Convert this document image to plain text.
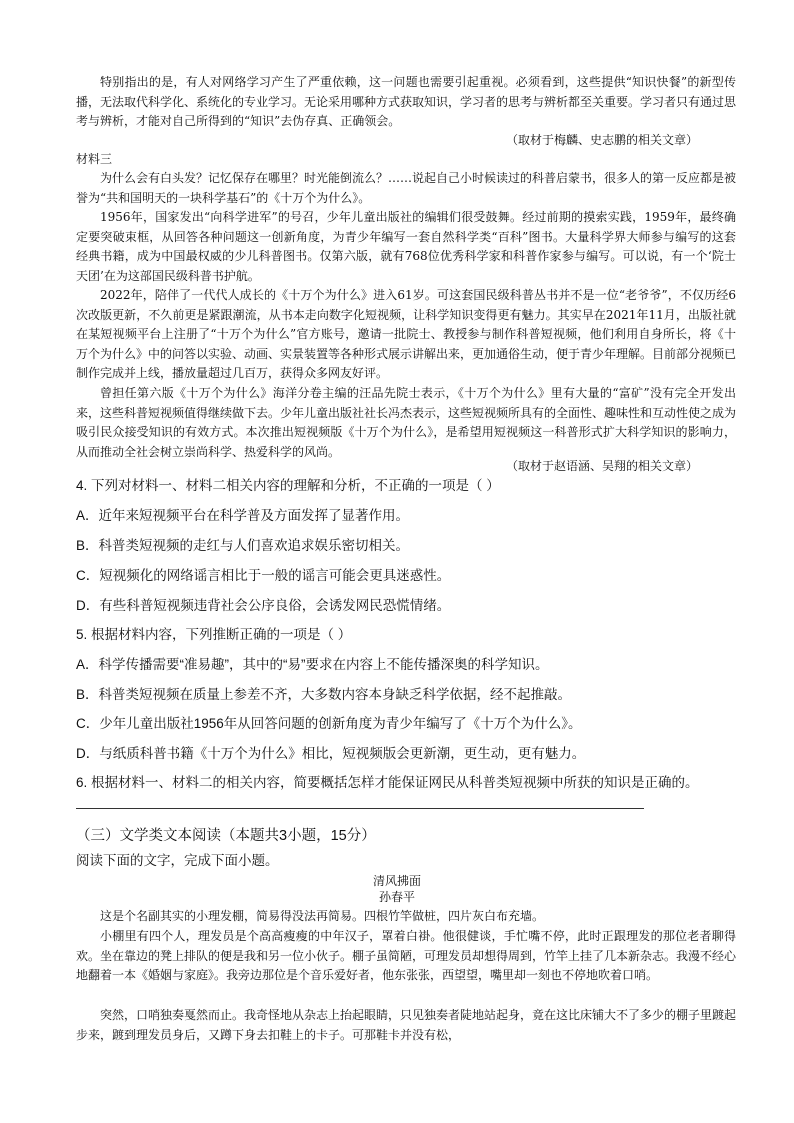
特别指出的是，有人对网络学习产生了严重依赖，这一问题也需要引起重视。必须看到，这些提供“知识快餐”的新型传播，无法取代科学化、系统化的专业学习。无论采用哪种方式获取知识，学习者的思考与辨析都至关重要。学习者只有通过思考与辨析，才能对自己所得到的“知识”去伪存真、正确领会。
（取材于梅麟、史志鹏的相关文章）
材料三
为什么会有白头发？记忆保存在哪里？时光能倒流么？……说起自己小时候读过的科普启蒙书，很多人的第一反应都是被誉为“共和国明天的一块科学基石”的《十万个为什么》。
1956年，国家发出“向科学进军”的号召，少年儿童出版社的编辑们很受鼓舞。经过前期的摸索实践，1959年，最终确定要突破束框，从回答各种问题这一创新角度，为青少年编写一套自然科学类“百科”图书。大量科学界大师参与编写的这套经典书籍，成为中国最权威的少儿科普图书。仅第六版，就有768位优秀科学家和科普作家参与编写。可以说，有一个‘院士天团’在为这部国民级科普书护航。
2022年，陪伴了一代代人成长的《十万个为什么》进入61岁。可这套国民级科普丛书并不是一位“老爷爷”，不仅历经6次改版更新，不久前更是紧跟潮流，从书本走向数字化短视频，让科学知识变得更有魅力。其实早在2021年11月，出版社就在某短视频平台上注册了“十万个为什么”官方账号，邀请一批院士、教授参与制作科普短视频，他们利用自身所长，将《十万个为什么》中的问答以实验、动画、实景装置等各种形式展示讲解出来，更加通俗生动，便于青少年理解。目前部分视频已制作完成并上线，播放量超过几百万，获得众多网友好评。
曾担任第六版《十万个为什么》海洋分卷主编的汪品先院士表示，《十万个为什么》里有大量的“富矿”没有完全开发出来，这些科普短视频值得继续做下去。少年儿童出版社社长冯杰表示，这些短视频所具有的全面性、趣味性和互动性使之成为吸引民众接受知识的有效方式。本次推出短视频版《十万个为什么》，是希望用短视频这一科普形式扩大科学知识的影响力，从而推动全社会树立崇尚科学、热爱科学的风尚。
（取材于赵语涵、吴翔的相关文章）
4. 下列对材料一、材料二相关内容的理解和分析，不正确的一项是（ ）
A．近年来短视频平台在科学普及方面发挥了显著作用。
B．科普类短视频的走红与人们喜欢追求娱乐密切相关。
C．短视频化的网络谣言相比于一般的谣言可能会更具迷惑性。
D．有些科普短视频违背社会公序良俗，会诱发网民恐慌情绪。
5. 根据材料内容，下列推断正确的一项是（ ）
A．科学传播需要“准易趣”，其中的“易”要求在内容上不能传播深奥的科学知识。
B．科普类短视频在质量上参差不齐，大多数内容本身缺乏科学依据，经不起推敲。
C．少年儿童出版社1956年从回答问题的创新角度为青少年编写了《十万个为什么》。
D．与纸质科普书籍《十万个为什么》相比，短视频版会更新潮，更生动，更有魅力。
6. 根据材料一、材料二的相关内容，简要概括怎样才能保证网民从科普类短视频中所获的知识是正确的。
（三）文学类文本阅读（本题共3小题，15分）
阅读下面的文字，完成下面小题。
清风拂面
孙春平
这是个名副其实的小理发棚，简易得没法再简易。四根竹竿做桩，四片灰白布充墙。
小棚里有四个人，理发员是个高高瘦瘦的中年汉子，罩着白褂。他很健谈，手忙嘴不停，此时正跟理发的那位老者聊得欢。坐在靠边的凳上排队的便是我和另一位小伙子。棚子虽简陋，可理发员却想得周到，竹竿上挂了几本新杂志。我漫不经心地翻着一本《婚姻与家庭》。我旁边那位是个音乐爱好者，他东张张，西望望，嘴里却一刻也不停地吹着口哨。
突然，口哨独奏戛然而止。我奇怪地从杂志上抬起眼睛，只见独奏者陡地站起身，竟在这比床铺大不了多少的棚子里踱起步来，踱到理发员身后，又蹲下身去扣鞋上的卡子。可那鞋卡并没有松，
